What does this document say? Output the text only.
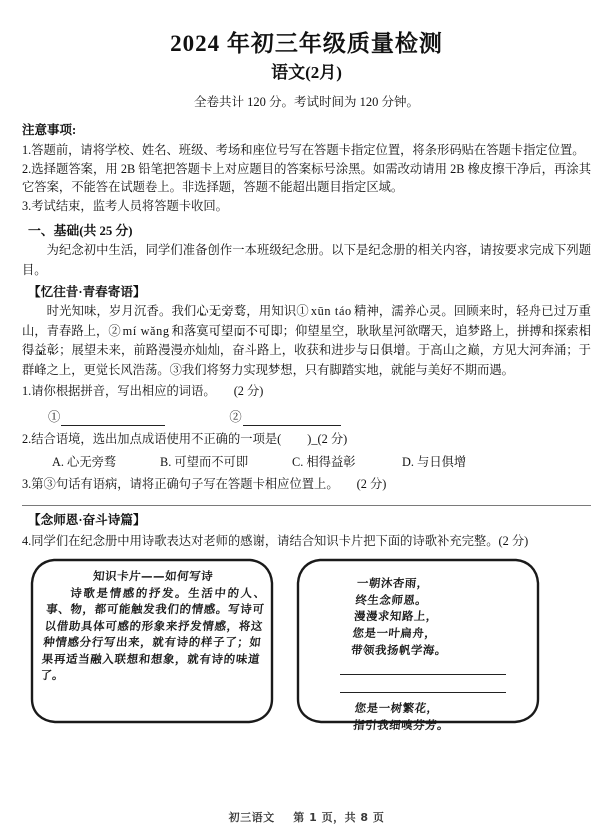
2024 年初三年级质量检测
语文(2月)
全卷共计 120 分。考试时间为 120 分钟。
注意事项:

1.答题前，请将学校、姓名、班级、考场和座位号写在答题卡指定位置，将条形码贴在答题卡指定位置。

2.选择题答案，用 2B 铅笔把答题卡上对应题目的答案标号涂黑。如需改动请用 2B 橡皮擦干净后，再涂其它答案，不能答在试题卷上。非选择题，答题不能超出题目指定区域。

3.考试结束，监考人员将答题卡收回。

一、基础(共 25 分)

为纪念初中生活，同学们准备创作一本班级纪念册。以下是纪念册的相关内容，请按要求完成下列题目。

【忆往昔·青春寄语】

时光知味，岁月沉香。我们心无旁骛，用知识① xūn táo 精神，濡养心灵。回顾来时，轻舟已过万重山，青春路上，② mí wǎng 和落寞可望而不可即；仰望星空，耿耿星河欲曙天，追梦路上，拼搏和探索相得益彰；展望未来，前路漫漫亦灿灿，奋斗路上，收获和进步与日俱增。于高山之巅，方见大河奔涌；于群峰之上，更觉长风浩荡。③我们将努力实现梦想，只有脚踏实地，就能与美好不期而遇。

1.请你根据拼音，写出相应的词语。 (2 分)

①	②

2.结合语境，选出加点成语使用不正确的一项是( )_(2 分)

A. 心无旁骛	B. 可望而不可即	C. 相得益彰	D. 与日俱增

3.第③句话有语病，请将正确句子写在答题卡相应位置上。 (2 分)

【念师恩·奋斗诗篇】

4.同学们在纪念册中用诗歌表达对老师的感谢，请结合知识卡片把下面的诗歌补充完整。(2 分)

知识卡片——如何写诗

诗歌是情感的抒发。生活中的人、事、物，都可能触发我们的情感。写诗可以借助具体可感的形象来抒发情感，将这种情感分行写出来，就有诗的样子了；如果再适当融入联想和想象，就有诗的味道了。

一朝沐杏雨，
终生念师恩。
漫漫求知路上，
您是一叶扁舟，
带领我扬帆学海。
您是一树繁花，
指引我细嗅芬芳。
初三语文 第 1 页，共 8 页
